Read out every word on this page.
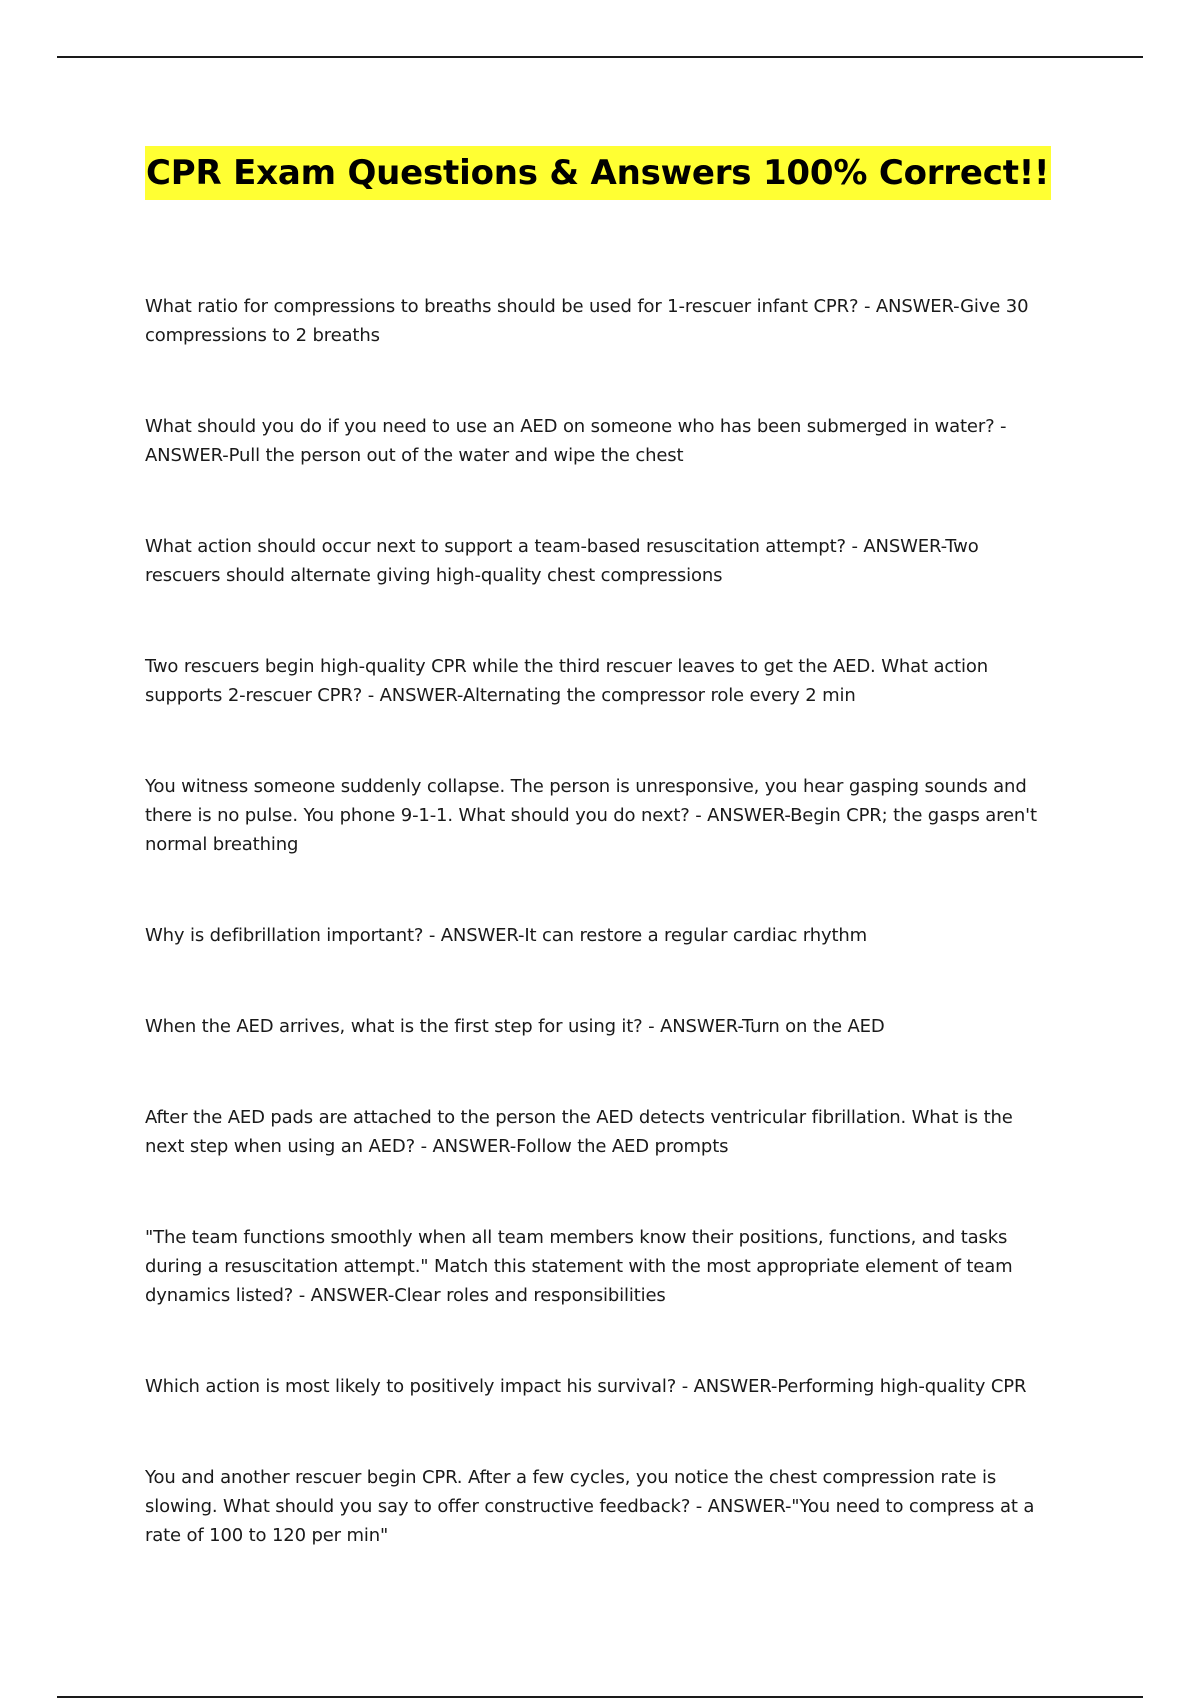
CPR Exam Questions & Answers 100% Correct!!
What ratio for compressions to breaths should be used for 1-rescuer infant CPR? - ANSWER-Give 30 compressions to 2 breaths
What should you do if you need to use an AED on someone who has been submerged in water? - ANSWER-Pull the person out of the water and wipe the chest
What action should occur next to support a team-based resuscitation attempt? - ANSWER-Two rescuers should alternate giving high-quality chest compressions
Two rescuers begin high-quality CPR while the third rescuer leaves to get the AED. What action supports 2-rescuer CPR? - ANSWER-Alternating the compressor role every 2 min
You witness someone suddenly collapse. The person is unresponsive, you hear gasping sounds and there is no pulse. You phone 9-1-1. What should you do next? - ANSWER-Begin CPR; the gasps aren't normal breathing
Why is defibrillation important? - ANSWER-It can restore a regular cardiac rhythm
When the AED arrives, what is the first step for using it? - ANSWER-Turn on the AED
After the AED pads are attached to the person the AED detects ventricular fibrillation. What is the next step when using an AED? - ANSWER-Follow the AED prompts
"The team functions smoothly when all team members know their positions, functions, and tasks during a resuscitation attempt." Match this statement with the most appropriate element of team dynamics listed? - ANSWER-Clear roles and responsibilities
Which action is most likely to positively impact his survival? - ANSWER-Performing high-quality CPR
You and another rescuer begin CPR. After a few cycles, you notice the chest compression rate is slowing. What should you say to offer constructive feedback? - ANSWER-"You need to compress at a rate of 100 to 120 per min"
